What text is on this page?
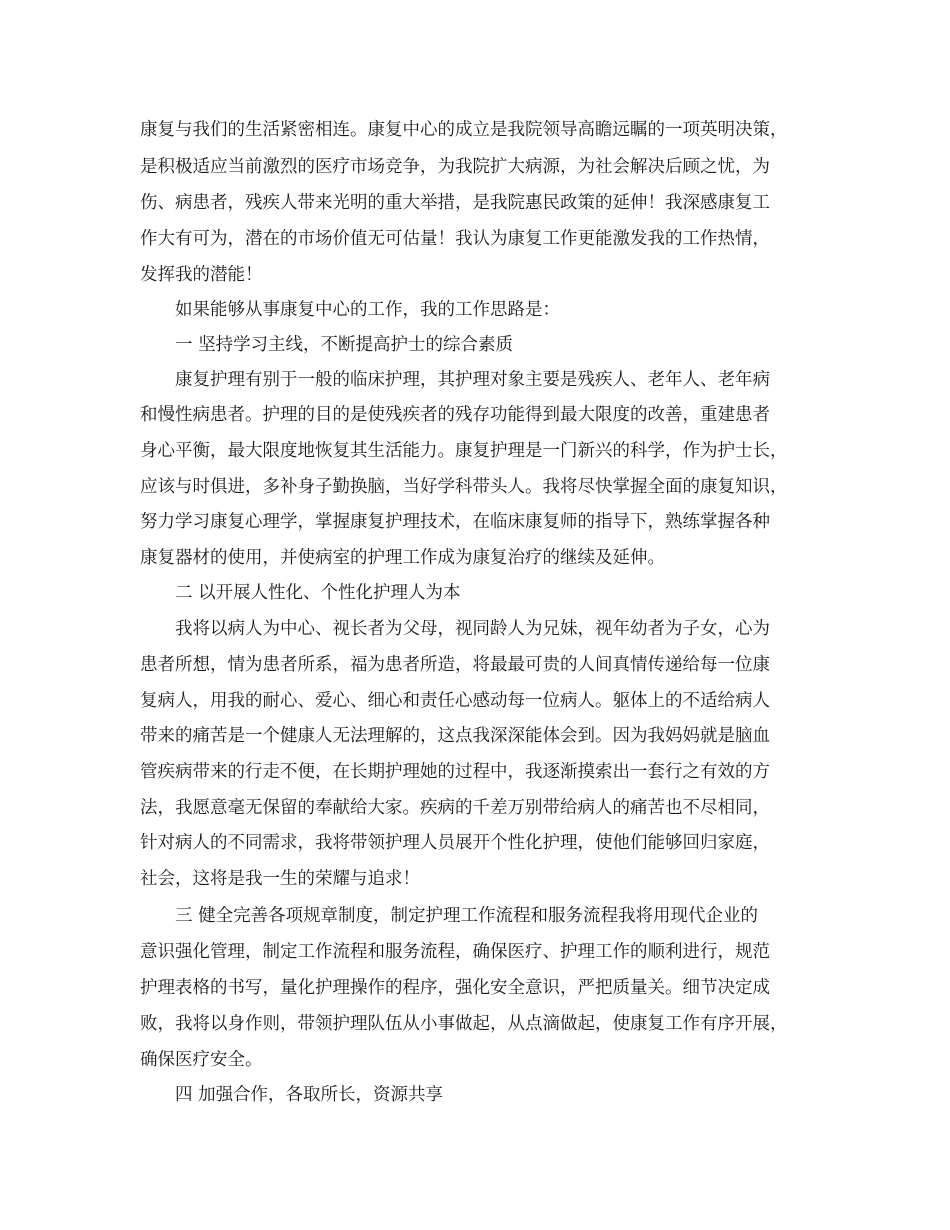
康复与我们的生活紧密相连。康复中心的成立是我院领导高瞻远瞩的一项英明决策，
是积极适应当前激烈的医疗市场竞争，为我院扩大病源，为社会解决后顾之忧，为
伤、病患者，残疾人带来光明的重大举措，是我院惠民政策的延伸！我深感康复工
作大有可为，潜在的市场价值无可估量！我认为康复工作更能激发我的工作热情，
发挥我的潜能！
如果能够从事康复中心的工作，我的工作思路是：
一 坚持学习主线，不断提高护士的综合素质
康复护理有别于一般的临床护理，其护理对象主要是残疾人、老年人、老年病
和慢性病患者。护理的目的是使残疾者的残存功能得到最大限度的改善，重建患者
身心平衡，最大限度地恢复其生活能力。康复护理是一门新兴的科学，作为护士长，
应该与时俱进，多补身子勤换脑，当好学科带头人。我将尽快掌握全面的康复知识，
努力学习康复心理学，掌握康复护理技术，在临床康复师的指导下，熟练掌握各种
康复器材的使用，并使病室的护理工作成为康复治疗的继续及延伸。
二 以开展人性化、个性化护理人为本
我将以病人为中心、视长者为父母，视同龄人为兄妹，视年幼者为子女，心为
患者所想，情为患者所系，福为患者所造，将最最可贵的人间真情传递给每一位康
复病人，用我的耐心、爱心、细心和责任心感动每一位病人。躯体上的不适给病人
带来的痛苦是一个健康人无法理解的，这点我深深能体会到。因为我妈妈就是脑血
管疾病带来的行走不便，在长期护理她的过程中，我逐渐摸索出一套行之有效的方
法，我愿意毫无保留的奉献给大家。疾病的千差万别带给病人的痛苦也不尽相同，
针对病人的不同需求，我将带领护理人员展开个性化护理，使他们能够回归家庭，
社会，这将是我一生的荣耀与追求！
三 健全完善各项规章制度，制定护理工作流程和服务流程我将用现代企业的
意识强化管理，制定工作流程和服务流程，确保医疗、护理工作的顺利进行，规范
护理表格的书写，量化护理操作的程序，强化安全意识，严把质量关。细节决定成
败，我将以身作则，带领护理队伍从小事做起，从点滴做起，使康复工作有序开展，
确保医疗安全。
四 加强合作，各取所长，资源共享
